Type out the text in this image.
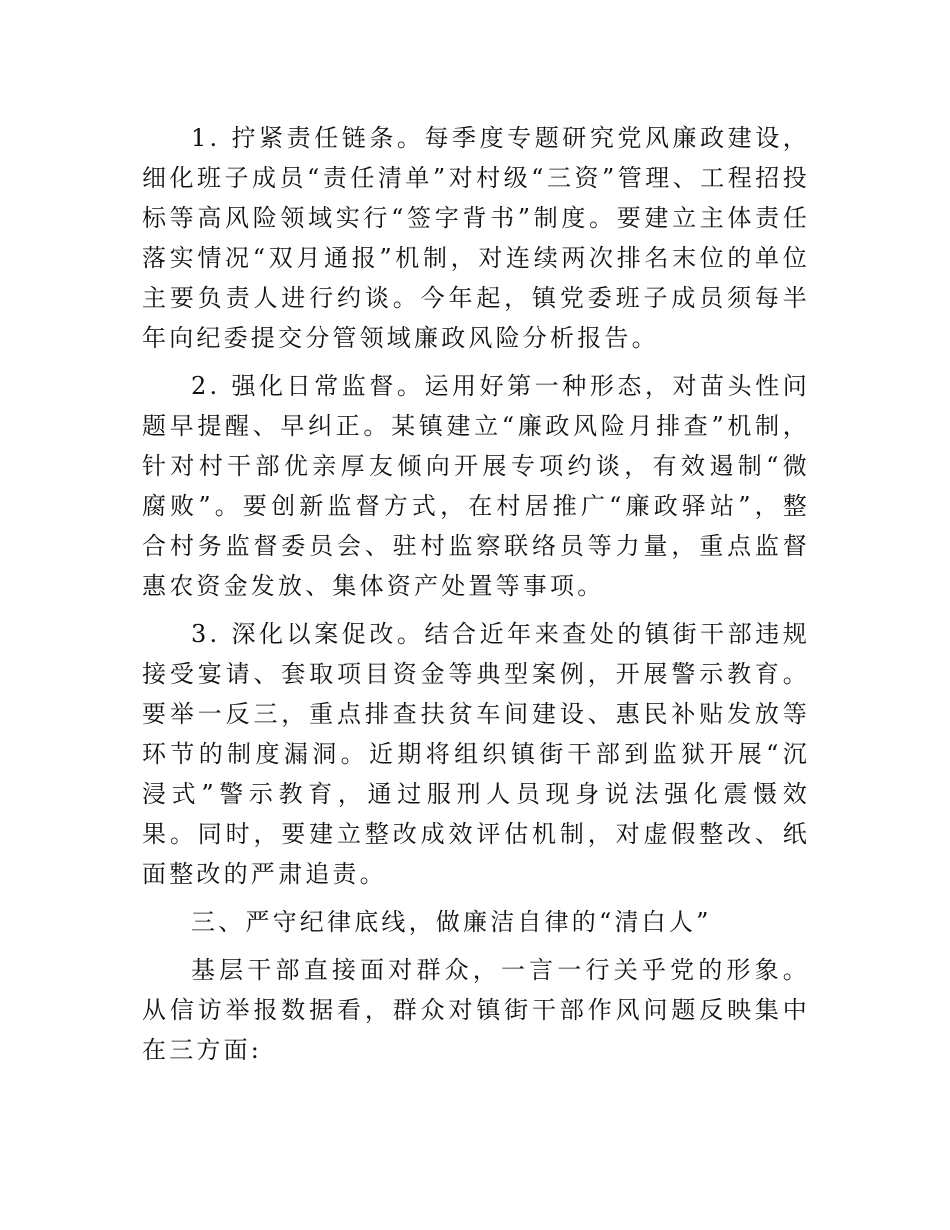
1. 拧紧责任链条。每季度专题研究党风廉政建设，细化班子成员“责任清单”对村级“三资”管理、工程招投标等高风险领域实行“签字背书”制度。要建立主体责任落实情况“双月通报”机制，对连续两次排名末位的单位主要负责人进行约谈。今年起，镇党委班子成员须每半年向纪委提交分管领域廉政风险分析报告。

2. 强化日常监督。运用好第一种形态，对苗头性问题早提醒、早纠正。某镇建立“廉政风险月排查”机制，针对村干部优亲厚友倾向开展专项约谈，有效遏制“微腐败”。要创新监督方式，在村居推广“廉政驿站”，整合村务监督委员会、驻村监察联络员等力量，重点监督惠农资金发放、集体资产处置等事项。

3. 深化以案促改。结合近年来查处的镇街干部违规接受宴请、套取项目资金等典型案例，开展警示教育。要举一反三，重点排查扶贫车间建设、惠民补贴发放等环节的制度漏洞。近期将组织镇街干部到监狱开展“沉浸式”警示教育，通过服刑人员现身说法强化震慑效果。同时，要建立整改成效评估机制，对虚假整改、纸面整改的严肃追责。

三、严守纪律底线，做廉洁自律的“清白人”

基层干部直接面对群众，一言一行关乎党的形象。从信访举报数据看，群众对镇街干部作风问题反映集中在三方面:
